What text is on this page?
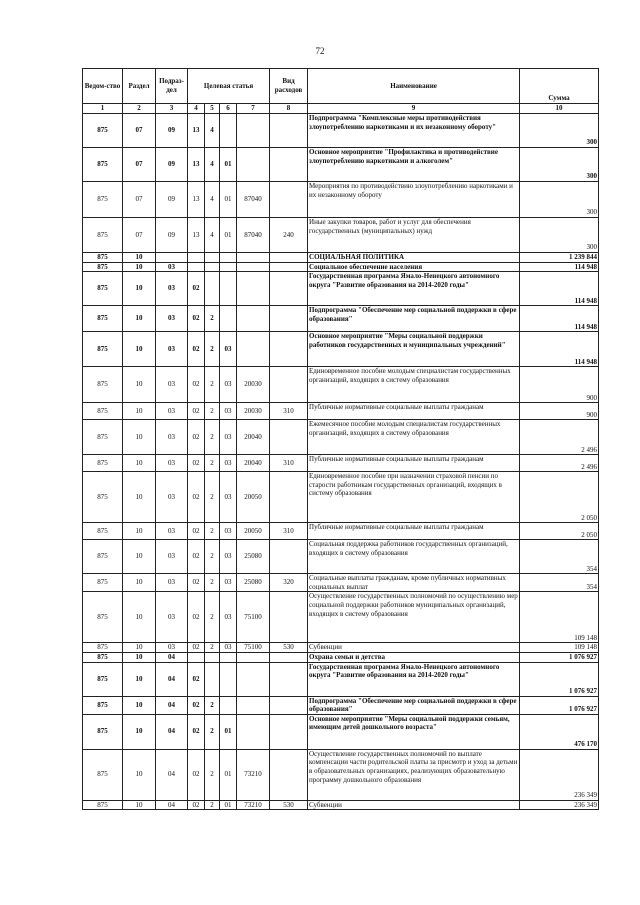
72
Ведом-ство	Раздел	Подраз-дел	Целевая статья				Вид расходов	Наименование	Сумма
1	2	3	4	5	6	7	8	9	10
875	07	09	13	4				Подпрограмма "Комплексные меры противодействия злоупотреблению наркотиками и их незаконному обороту"	300
875	07	09	13	4	01			Основное мероприятие "Профилактика и противодействие злоупотреблению наркотиками и алкоголем"	300
875	07	09	13	4	01	87040		Мероприятия по противодействию злоупотреблению наркотиками и их незаконному обороту	300
875	07	09	13	4	01	87040	240	Иные закупки товаров, работ и услуг для обеспечения государственных (муниципальных) нужд	300
875	10							СОЦИАЛЬНАЯ ПОЛИТИКА	1 239 844
875	10	03						Социальное обеспечение населения	114 948
875	10	03	02					Государственная программа Ямало-Ненецкого автономного округа "Развитие образования на 2014-2020 годы"	114 948
875	10	03	02	2				Подпрограмма "Обеспечение мер социальной поддержки в сфере образования"	114 948
875	10	03	02	2	03			Основное мероприятие "Меры социальной поддержки работников государственных и муниципальных учреждений"	114 948
875	10	03	02	2	03	20030		Единовременное пособие молодым специалистам государственных организаций, входящих в систему образования	900
875	10	03	02	2	03	20030	310	Публичные нормативные социальные выплаты гражданам	900
875	10	03	02	2	03	20040		Ежемесячное пособие молодым специалистам государственных организаций, входящих в систему образования	2 496
875	10	03	02	2	03	20040	310	Публичные нормативные социальные выплаты гражданам	2 496
875	10	03	02	2	03	20050		Единовременное пособие при назначении страховой пенсии по старости работникам государственных организаций, входящих в систему образования	2 050
875	10	03	02	2	03	20050	310	Публичные нормативные социальные выплаты гражданам	2 050
875	10	03	02	2	03	25080		Социальная поддержка работников государственных организаций, входящих в систему образования	354
875	10	03	02	2	03	25080	320	Социальные выплаты гражданам, кроме публичных нормативных социальных выплат	354
875	10	03	02	2	03	75100		Осуществление государственных полномочий по осуществлению мер социальной поддержки работников муниципальных организаций, входящих в систему образования	109 148
875	10	03	02	2	03	75100	530	Субвенции	109 148
875	10	04						Охрана семьи и детства	1 076 927
875	10	04	02					Государственная программа Ямало-Ненецкого автономного округа "Развитие образования на 2014-2020 годы"	1 076 927
875	10	04	02	2				Подпрограмма "Обеспечение мер социальной поддержки в сфере образования"	1 076 927
875	10	04	02	2	01			Основное мероприятие "Меры социальной поддержки семьям, имеющим детей дошкольного возраста"	476 170
875	10	04	02	2	01	73210		Осуществление государственных полномочий по выплате компенсации части родительской платы за присмотр и уход за детьми в образовательных организациях, реализующих образовательную программу дошкольного образования	236 349
875	10	04	02	2	01	73210	530	Субвенции	236 349
